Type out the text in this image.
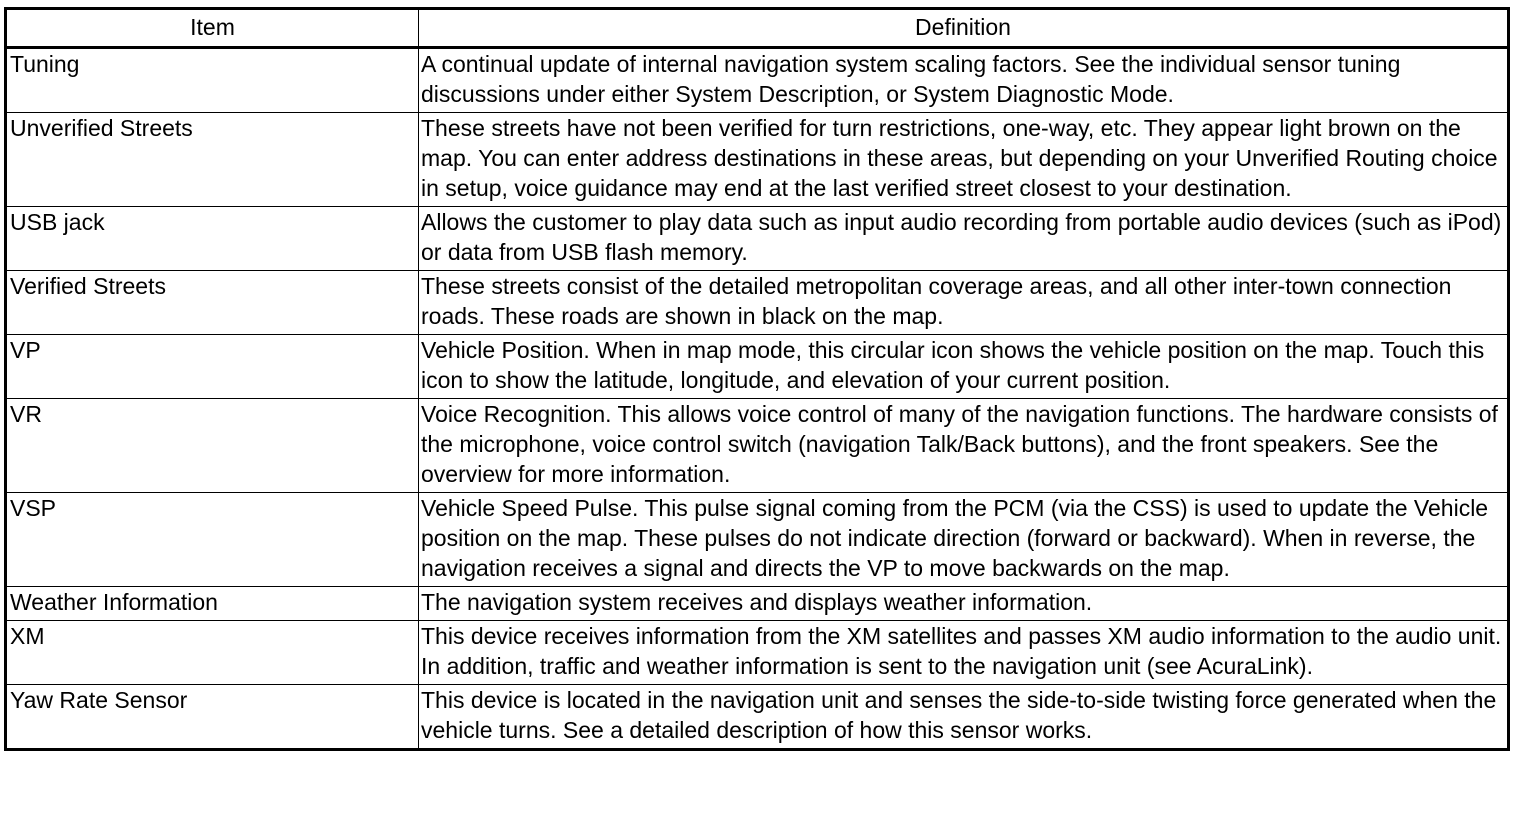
Item	Definition
Tuning	A continual update of internal navigation system scaling factors. See the individual sensor tuning discussions under either System Description, or System Diagnostic Mode.
Unverified Streets	These streets have not been verified for turn restrictions, one-way, etc. They appear light brown on the map. You can enter address destinations in these areas, but depending on your Unverified Routing choice in setup, voice guidance may end at the last verified street closest to your destination.
USB jack	Allows the customer to play data such as input audio recording from portable audio devices (such as iPod) or data from USB flash memory.
Verified Streets	These streets consist of the detailed metropolitan coverage areas, and all other inter-town connection roads. These roads are shown in black on the map.
VP	Vehicle Position. When in map mode, this circular icon shows the vehicle position on the map. Touch this icon to show the latitude, longitude, and elevation of your current position.
VR	Voice Recognition. This allows voice control of many of the navigation functions. The hardware consists of the microphone, voice control switch (navigation Talk/Back buttons), and the front speakers. See the overview for more information.
VSP	Vehicle Speed Pulse. This pulse signal coming from the PCM (via the CSS) is used to update the Vehicle position on the map. These pulses do not indicate direction (forward or backward). When in reverse, the navigation receives a signal and directs the VP to move backwards on the map.
Weather Information	The navigation system receives and displays weather information.
XM	This device receives information from the XM satellites and passes XM audio information to the audio unit. In addition, traffic and weather information is sent to the navigation unit (see AcuraLink).
Yaw Rate Sensor	This device is located in the navigation unit and senses the side-to-side twisting force generated when the vehicle turns. See a detailed description of how this sensor works.
